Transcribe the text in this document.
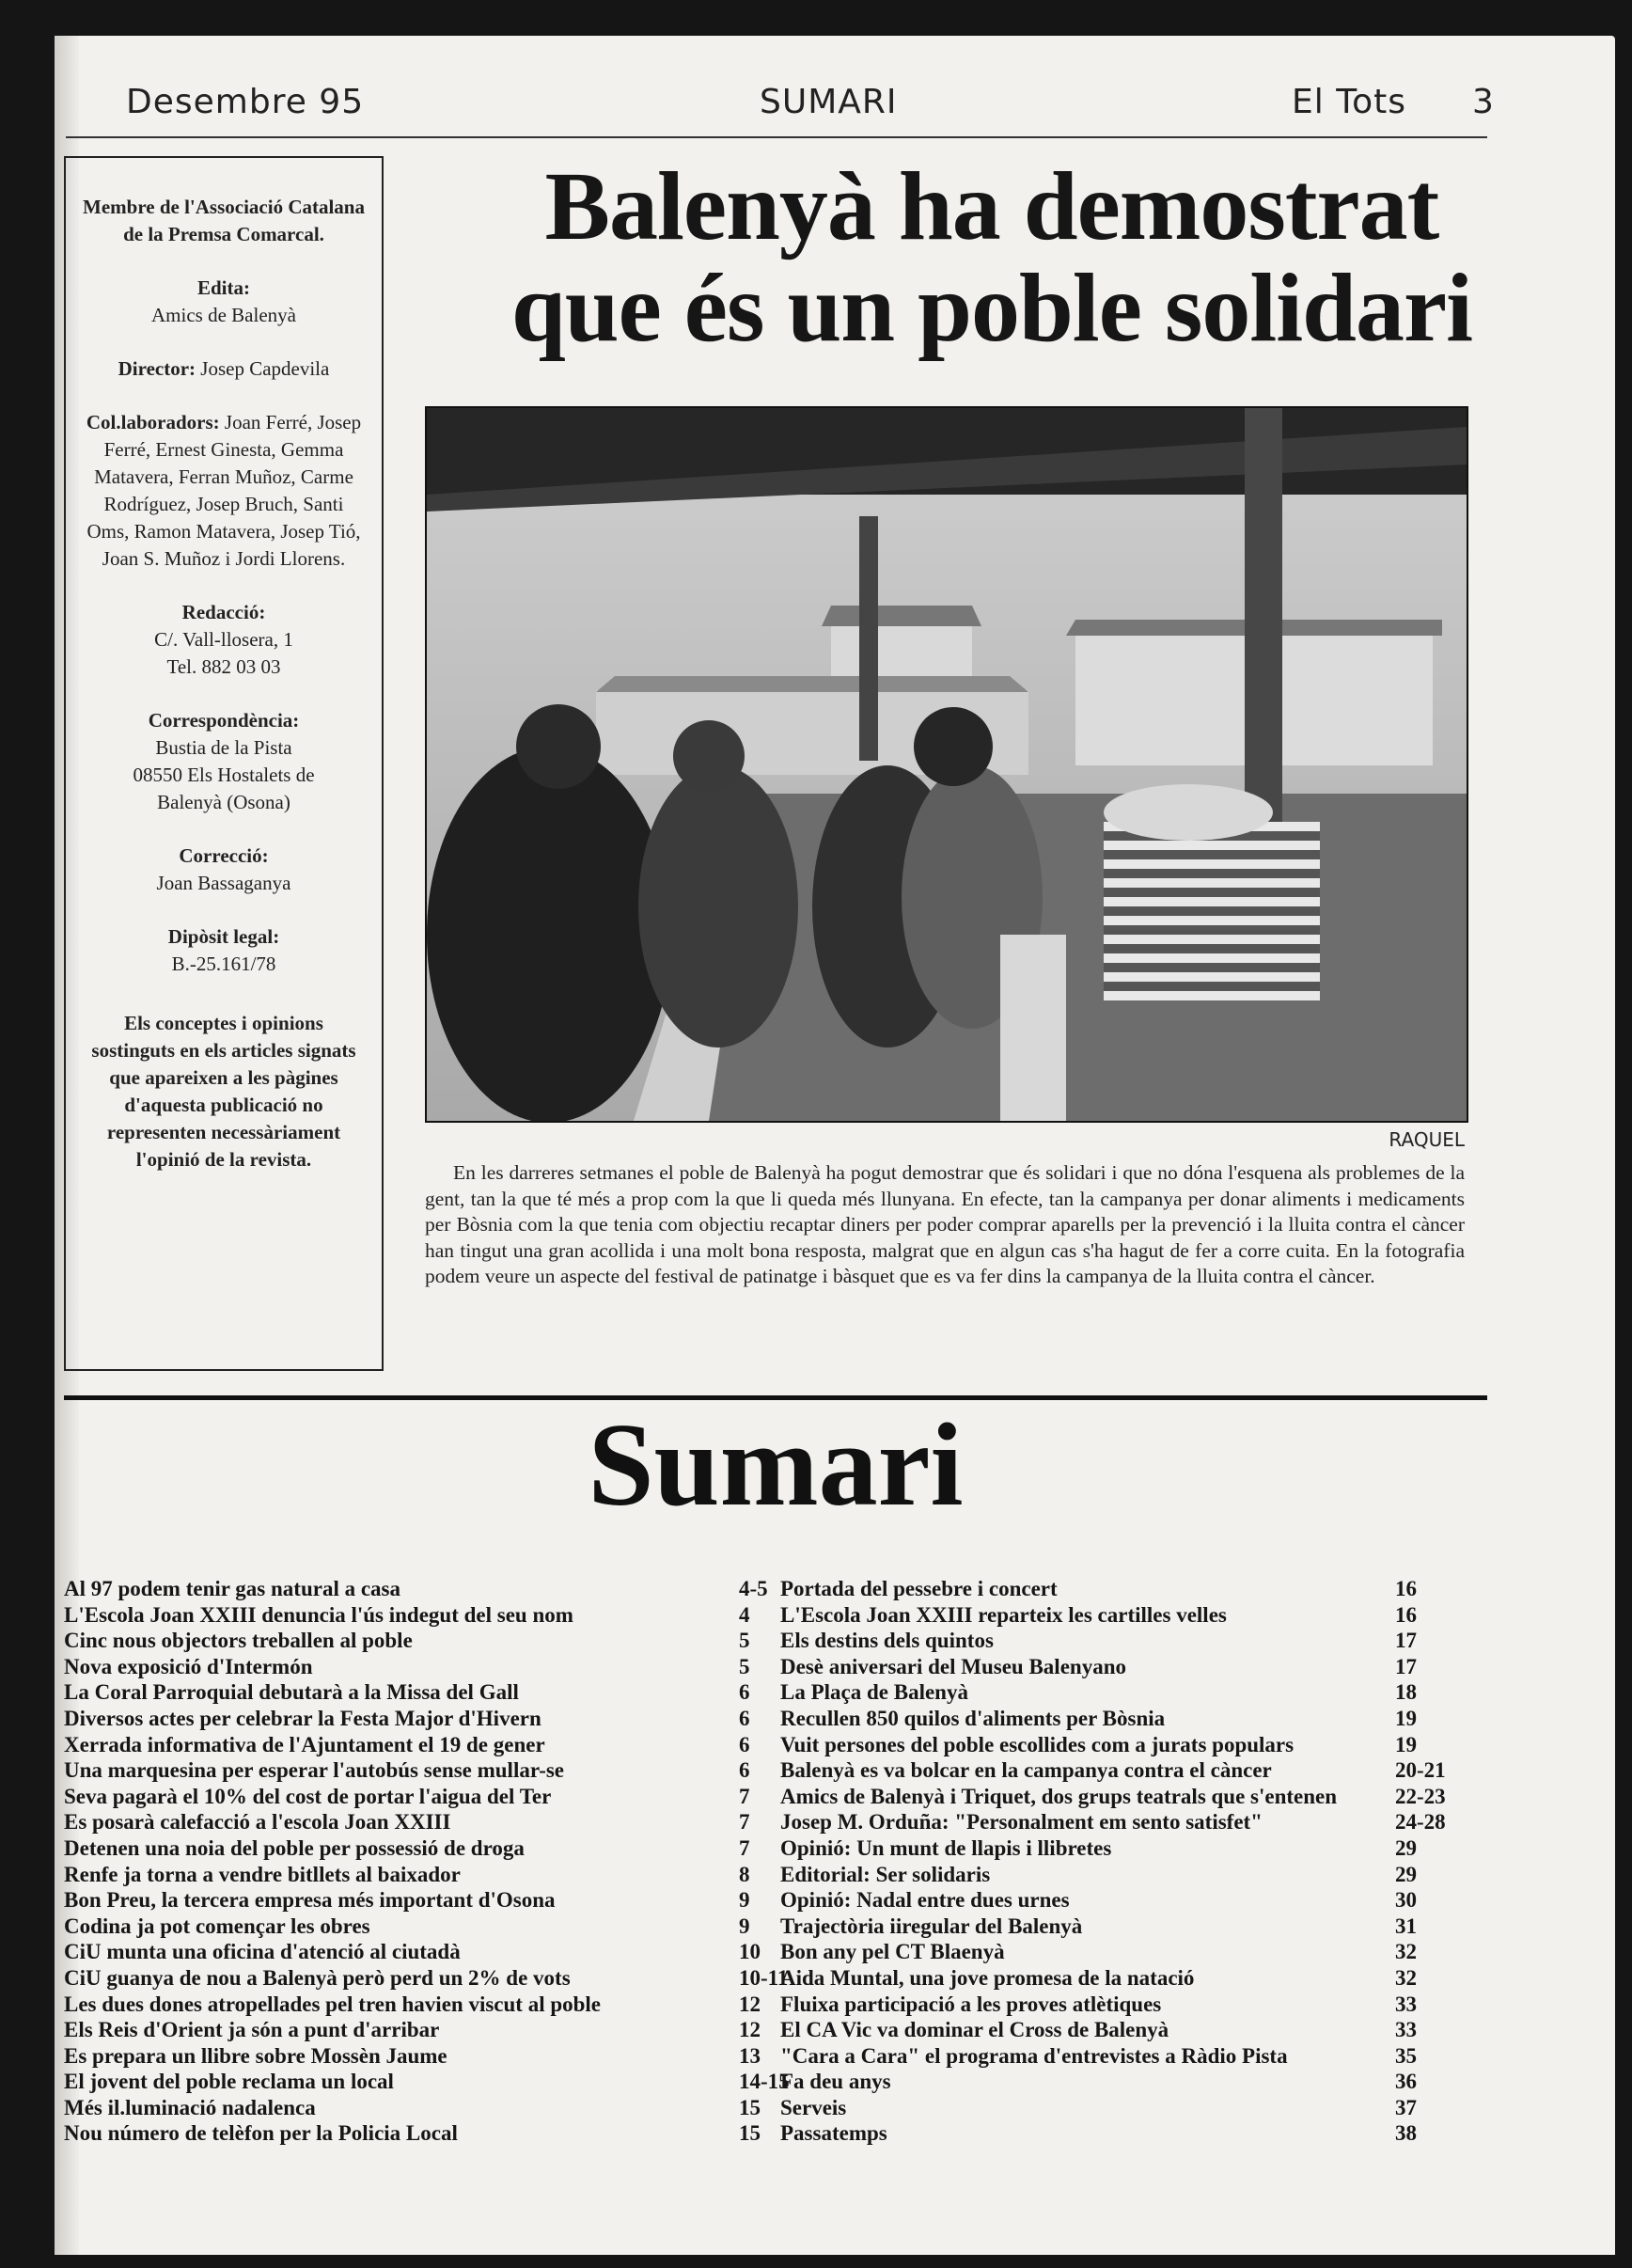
Desembre 95	SUMARI	El Tots 3
Membre de l'Associació Catalana de la Premsa Comarcal.
Edita:
Amics de Balenyà
Director: Josep Capdevila
Col.laboradors: Joan Ferré, Josep Ferré, Ernest Ginesta, Gemma Matavera, Ferran Muñoz, Carme Rodríguez, Josep Bruch, Santi Oms, Ramon Matavera, Josep Tió, Joan S. Muñoz i Jordi Llorens.
Redacció:
C/. Vall-llosera, 1
Tel. 882 03 03
Correspondència:
Bustia de la Pista
08550 Els Hostalets de
Balenyà (Osona)
Correcció:
Joan Bassaganya
Dipòsit legal:
B.-25.161/78
Els conceptes i opinions sostinguts en els articles signats que apareixen a les pàgines d'aquesta publicació no representen necessàriament l'opinió de la revista.
Balenyà ha demostrat
que és un poble solidari
RAQUEL
En les darreres setmanes el poble de Balenyà ha pogut demostrar que és solidari i que no dóna l'esquena als problemes de la gent, tan la que té més a prop com la que li queda més llunyana. En efecte, tan la campanya per donar aliments i medicaments per Bòsnia com la que tenia com objectiu recaptar diners per poder comprar aparells per la prevenció i la lluita contra el càncer han tingut una gran acollida i una molt bona resposta, malgrat que en algun cas s'ha hagut de fer a corre cuita. En la fotografia podem veure un aspecte del festival de patinatge i bàsquet que es va fer dins la campanya de la lluita contra el càncer.
Sumari
Al 97 podem tenir gas natural a casa	4-5
L'Escola Joan XXIII denuncia l'ús indegut del seu nom	4
Cinc nous objectors treballen al poble	5
Nova exposició d'Intermón	5
La Coral Parroquial debutarà a la Missa del Gall	6
Diversos actes per celebrar la Festa Major d'Hivern	6
Xerrada informativa de l'Ajuntament el 19 de gener	6
Una marquesina per esperar l'autobús sense mullar-se	6
Seva pagarà el 10% del cost de portar l'aigua del Ter	7
Es posarà calefacció a l'escola Joan XXIII	7
Detenen una noia del poble per possessió de droga	7
Renfe ja torna a vendre bitllets al baixador	8
Bon Preu, la tercera empresa més important d'Osona	9
Codina ja pot començar les obres	9
CiU munta una oficina d'atenció al ciutadà	10
CiU guanya de nou a Balenyà però perd un 2% de vots	10-11
Les dues dones atropellades pel tren havien viscut al poble	12
Els Reis d'Orient ja són a punt d'arribar	12
Es prepara un llibre sobre Mossèn Jaume	13
El jovent del poble reclama un local	14-15
Més il.luminació nadalenca	15
Nou número de telèfon per la Policia Local	15
Portada del pessebre i concert	16
L'Escola Joan XXIII reparteix les cartilles velles	16
Els destins dels quintos	17
Desè aniversari del Museu Balenyano	17
La Plaça de Balenyà	18
Recullen 850 quilos d'aliments per Bòsnia	19
Vuit persones del poble escollides com a jurats populars	19
Balenyà es va bolcar en la campanya contra el càncer	20-21
Amics de Balenyà i Triquet, dos grups teatrals que s'entenen	22-23
Josep M. Orduña: "Personalment em sento satisfet"	24-28
Opinió: Un munt de llapis i llibretes	29
Editorial: Ser solidaris	29
Opinió: Nadal entre dues urnes	30
Trajectòria iiregular del Balenyà	31
Bon any pel CT Blaenyà	32
Aida Muntal, una jove promesa de la natació	32
Fluixa participació a les proves atlètiques	33
El CA Vic va dominar el Cross de Balenyà	33
"Cara a Cara" el programa d'entrevistes a Ràdio Pista	35
Fa deu anys	36
Serveis	37
Passatemps	38
